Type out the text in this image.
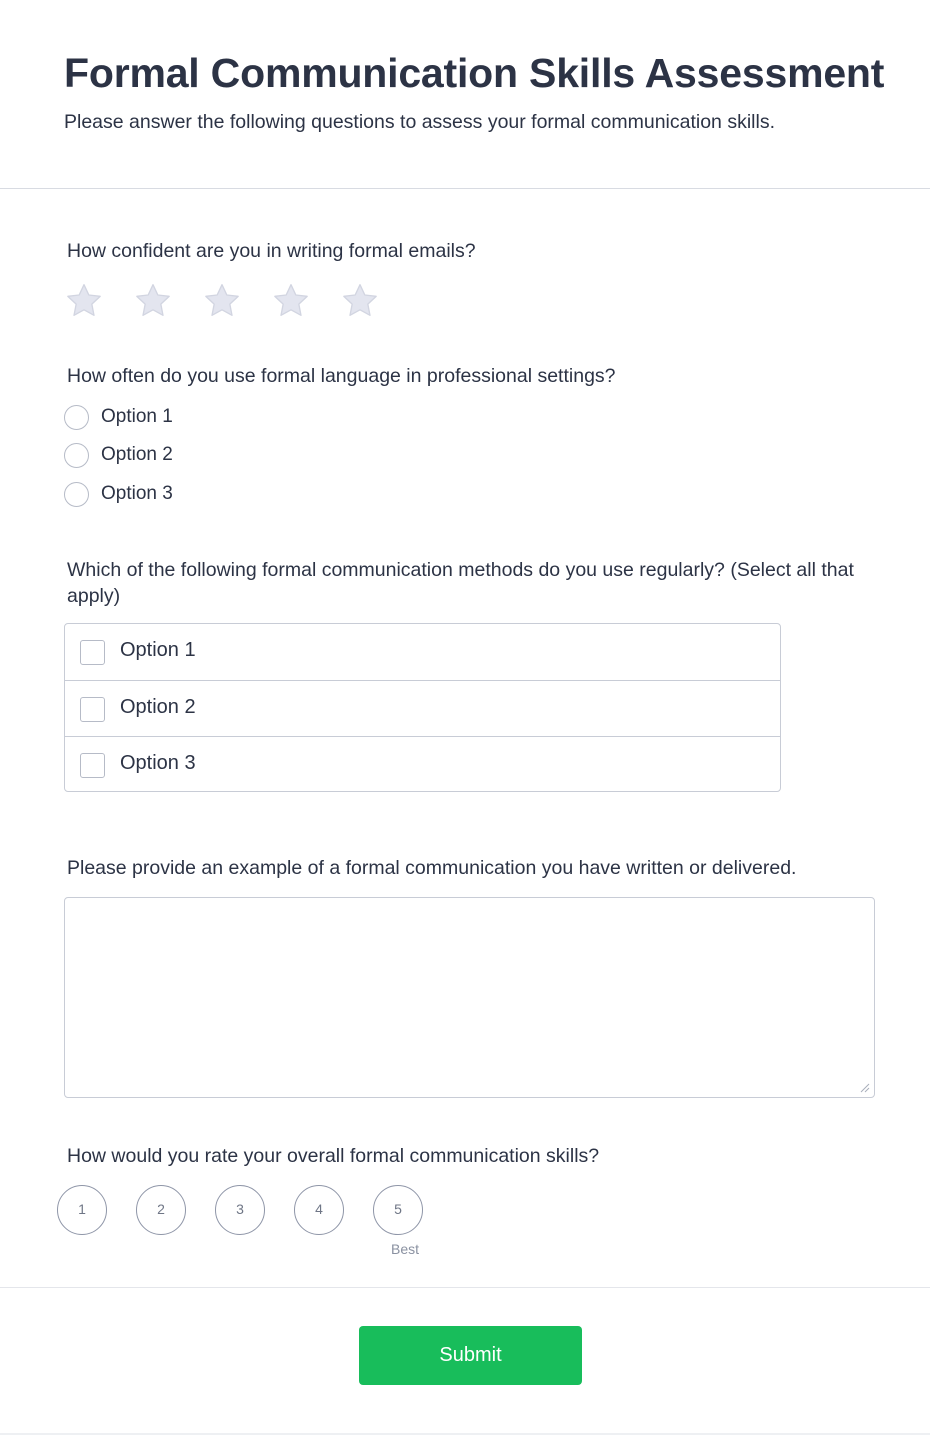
Formal Communication Skills Assessment

Please answer the following questions to assess your formal communication skills.

How confident are you in writing formal emails?
How often do you use formal language in professional settings?
Option 1
Option 2
Option 3
Which of the following formal communication methods do you use regularly? (Select all that apply)
Option 1
Option 2
Option 3
Please provide an example of a formal communication you have written or delivered.
How would you rate your overall formal communication skills?
1	2	3	4	5
Best
Submit
